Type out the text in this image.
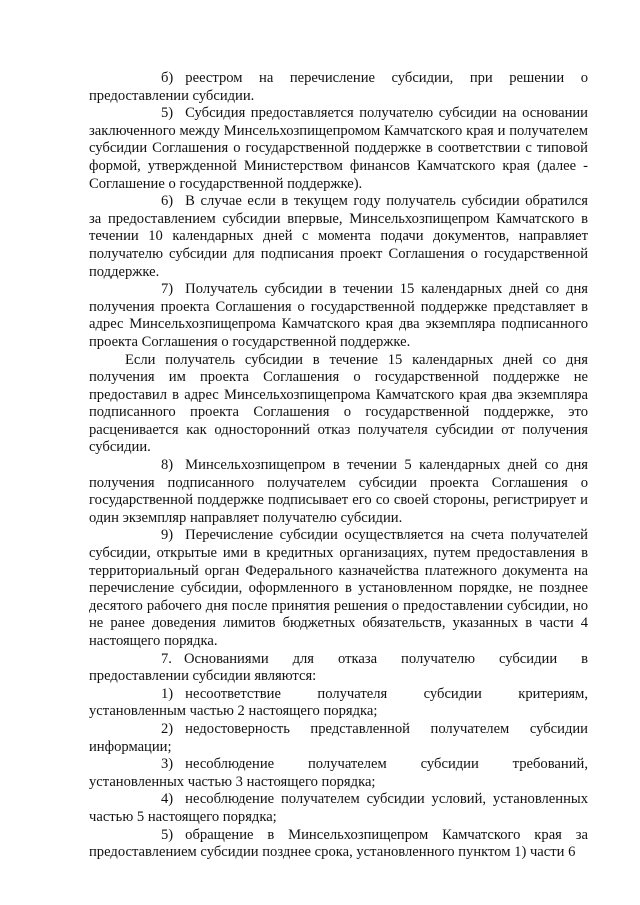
б) реестром на перечисление субсидии, при решении о предоставлении субсидии.

5) Субсидия предоставляется получателю субсидии на основании заключенного между Минсельхозпищепромом Камчатского края и получателем субсидии Соглашения о государственной поддержке в соответствии с типовой формой, утвержденной Министерством финансов Камчатского края (далее - Соглашение о государственной поддержке).

6) В случае если в текущем году получатель субсидии обратился за предоставлением субсидии впервые, Минсельхозпищепром Камчатского в течении 10 календарных дней с момента подачи документов, направляет получателю субсидии для подписания проект Соглашения о государственной поддержке.

7) Получатель субсидии в течении 15 календарных дней со дня получения проекта Соглашения о государственной поддержке представляет в адрес Минсельхозпищепрома Камчатского края два экземпляра подписанного проекта Соглашения о государственной поддержке.

Если получатель субсидии в течение 15 календарных дней со дня получения им проекта Соглашения о государственной поддержке не предоставил в адрес Минсельхозпищепрома Камчатского края два экземпляра подписанного проекта Соглашения о государственной поддержке, это расценивается как односторонний отказ получателя субсидии от получения субсидии.

8) Минсельхозпищепром в течении 5 календарных дней со дня получения подписанного получателем субсидии проекта Соглашения о государственной поддержке подписывает его со своей стороны, регистрирует и один экземпляр направляет получателю субсидии.

9) Перечисление субсидии осуществляется на счета получателей субсидии, открытые ими в кредитных организациях, путем предоставления в территориальный орган Федерального казначейства платежного документа на перечисление субсидии, оформленного в установленном порядке, не позднее десятого рабочего дня после принятия решения о предоставлении субсидии, но не ранее доведения лимитов бюджетных обязательств, указанных в части 4 настоящего порядка.

7. Основаниями для отказа получателю субсидии в предоставлении субсидии являются:

1) несоответствие получателя субсидии критериям, установленным частью 2 настоящего порядка;

2) недостоверность представленной получателем субсидии информации;

3) несоблюдение получателем субсидии требований, установленных частью 3 настоящего порядка;

4) несоблюдение получателем субсидии условий, установленных частью 5 настоящего порядка;

5) обращение в Минсельхозпищепром Камчатского края за предоставлением субсидии позднее срока, установленного пунктом 1) части 6
